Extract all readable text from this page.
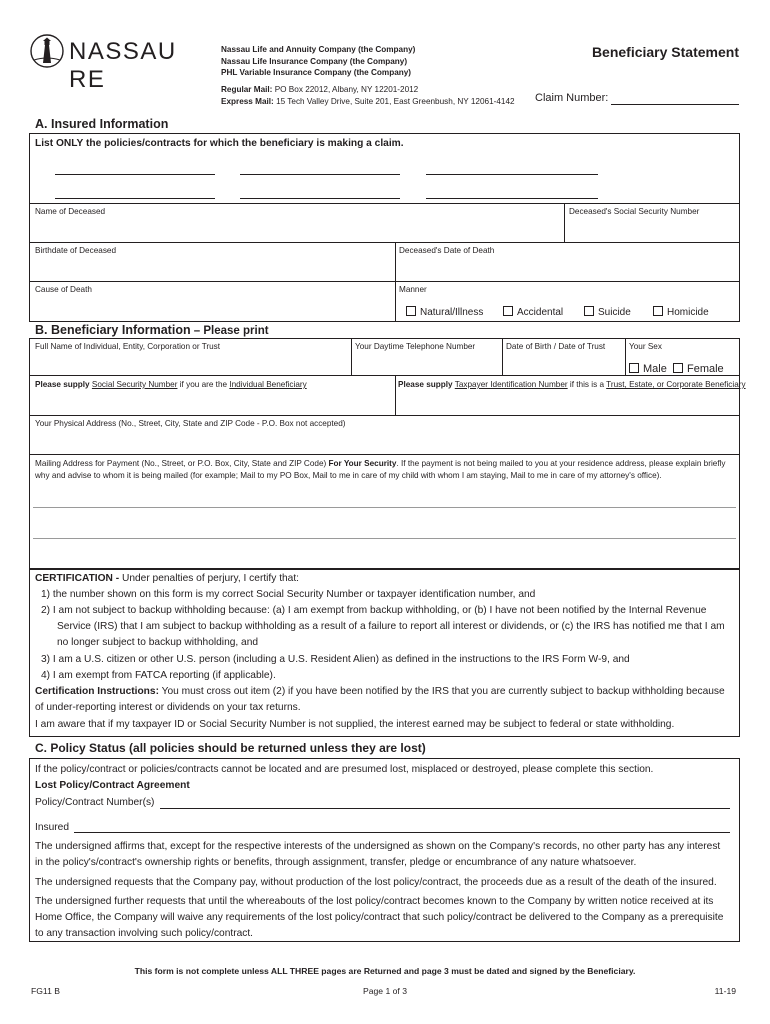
NASSAU RE
Nassau Life and Annuity Company (the Company)
Nassau Life Insurance Company (the Company)
PHL Variable Insurance Company (the Company)
Regular Mail: PO Box 22012, Albany, NY 12201-2012
Express Mail: 15 Tech Valley Drive, Suite 201, East Greenbush, NY 12061-4142
Beneficiary Statement
Claim Number:
A. Insured Information
List ONLY the policies/contracts for which the beneficiary is making a claim.
Name of Deceased	Deceased's Social Security Number
Birthdate of Deceased	Deceased's Date of Death
Cause of Death	Manner
Natural/Illness	Accidental	Suicide	Homicide
B. Beneficiary Information – Please print
Full Name of Individual, Entity, Corporation or Trust	Your Daytime Telephone Number	Date of Birth / Date of Trust	Your Sex
Male	Female
Please supply Social Security Number if you are the Individual Beneficiary	Please supply Taxpayer Identification Number if this is a Trust, Estate, or Corporate Beneficiary
Your Physical Address (No., Street, City, State and ZIP Code - P.O. Box not accepted)
Mailing Address for Payment (No., Street, or P.O. Box, City, State and ZIP Code) For Your Security. If the payment is not being mailed to you at your residence address, please explain briefly
why and advise to whom it is being mailed (for example; Mail to my PO Box, Mail to me in care of my child with whom I am staying, Mail to me in care of my attorney's office).
CERTIFICATION - Under penalties of perjury, I certify that:
1) the number shown on this form is my correct Social Security Number or taxpayer identification number, and
2) I am not subject to backup withholding because: (a) I am exempt from backup withholding, or (b) I have not been notified by the Internal Revenue
Service (IRS) that I am subject to backup withholding as a result of a failure to report all interest or dividends, or (c) the IRS has notified me that I am
no longer subject to backup withholding, and
3) I am a U.S. citizen or other U.S. person (including a U.S. Resident Alien) as defined in the instructions to the IRS Form W-9, and
4) I am exempt from FATCA reporting (if applicable).
Certification Instructions: You must cross out item (2) if you have been notified by the IRS that you are currently subject to backup withholding because
of under-reporting interest or dividends on your tax returns.
I am aware that if my taxpayer ID or Social Security Number is not supplied, the interest earned may be subject to federal or state withholding.
C. Policy Status (all policies should be returned unless they are lost)
If the policy/contract or policies/contracts cannot be located and are presumed lost, misplaced or destroyed, please complete this section.
Lost Policy/Contract Agreement
Policy/Contract Number(s)
Insured
The undersigned affirms that, except for the respective interests of the undersigned as shown on the Company's records, no other party has any interest
in the policy's/contract's ownership rights or benefits, through assignment, transfer, pledge or encumbrance of any nature whatsoever.
The undersigned requests that the Company pay, without production of the lost policy/contract, the proceeds due as a result of the death of the insured.
The undersigned further requests that until the whereabouts of the lost policy/contract becomes known to the Company by written notice received at its
Home Office, the Company will waive any requirements of the lost policy/contract that such policy/contract be delivered to the Company as a prerequisite
to any transaction involving such policy/contract.
This form is not complete unless ALL THREE pages are Returned and page 3 must be dated and signed by the Beneficiary.
FG11 B	Page 1 of 3	11-19
